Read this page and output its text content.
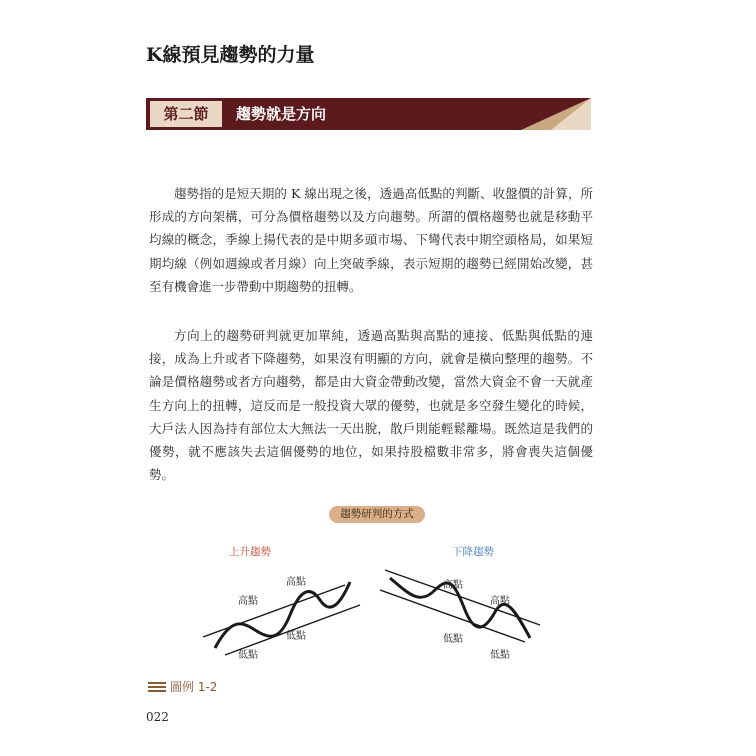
K線預見趨勢的力量
第二節	趨勢就是方向

趨勢指的是短天期的 K 線出現之後，透過高低點的判斷、收盤價的計算，所形成的方向架構，可分為價格趨勢以及方向趨勢。所謂的價格趨勢也就是移動平均線的概念，季線上揚代表的是中期多頭市場、下彎代表中期空頭格局，如果短期均線（例如週線或者月線）向上突破季線，表示短期的趨勢已經開始改變，甚至有機會進一步帶動中期趨勢的扭轉。

方向上的趨勢研判就更加單純，透過高點與高點的連接、低點與低點的連接，成為上升或者下降趨勢，如果沒有明顯的方向，就會是橫向整理的趨勢。不論是價格趨勢或者方向趨勢，都是由大資金帶動改變，當然大資金不會一天就產生方向上的扭轉，這反而是一般投資大眾的優勢，也就是多空發生變化的時候，大戶法人因為持有部位太大無法一天出脫，散戶則能輕鬆離場。既然這是我們的優勢，就不應該失去這個優勢的地位，如果持股檔數非常多，將會喪失這個優勢。

趨勢研判的方式
上升趨勢	下降趨勢
高點
高點
低點
低點
高點
高點
低點
低點
圖例 1-2
022
